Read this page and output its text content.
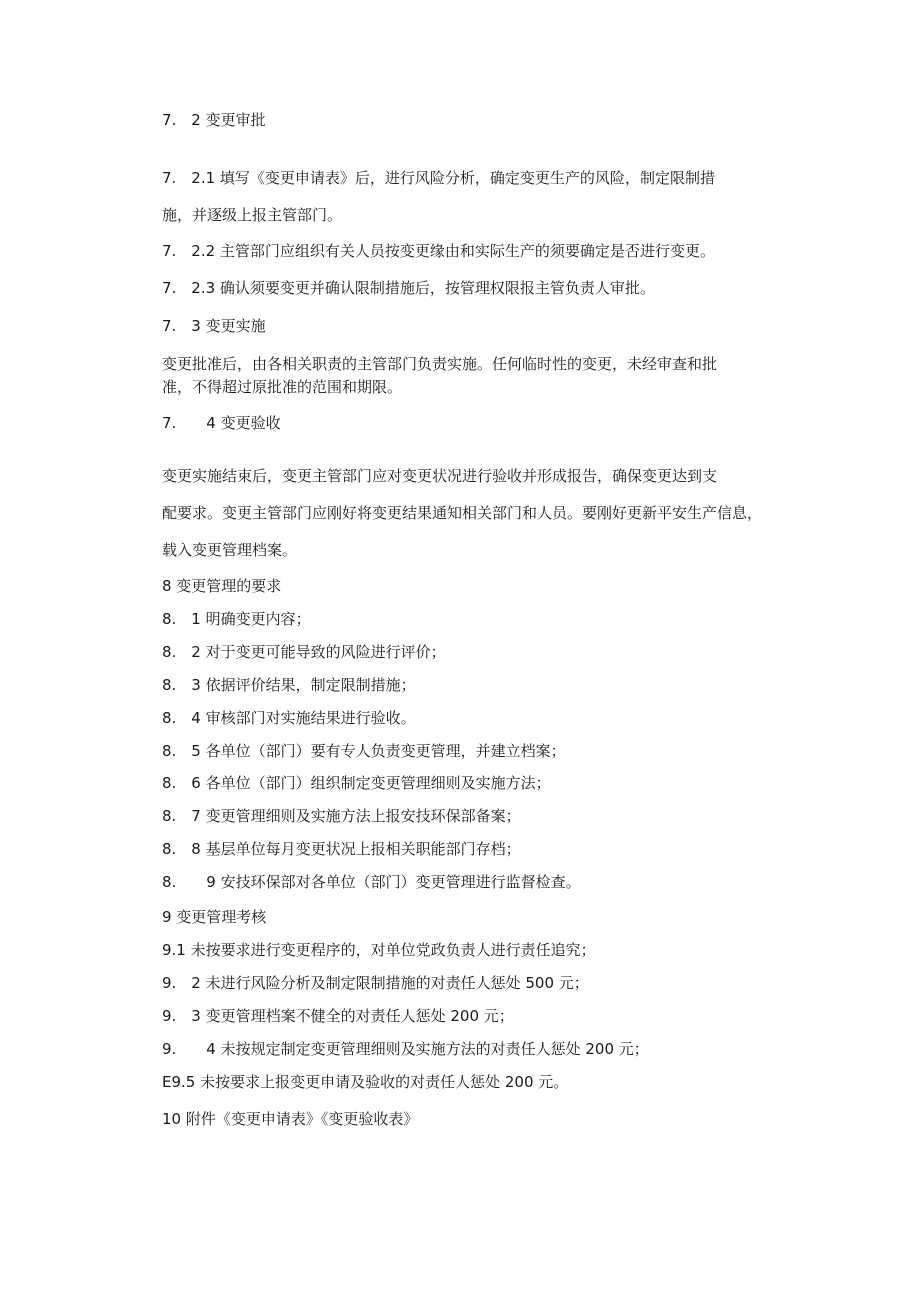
7.　2 变更审批
7.　2.1 填写《变更申请表》后，进行风险分析，确定变更生产的风险，制定限制措
施，并逐级上报主管部门。
7.　2.2 主管部门应组织有关人员按变更缘由和实际生产的须要确定是否进行变更。
7.　2.3 确认须要变更并确认限制措施后，按管理权限报主管负责人审批。
7.　3 变更实施
变更批准后，由各相关职责的主管部门负责实施。任何临时性的变更，未经审查和批
准，不得超过原批准的范围和期限。
7.　　4 变更验收
变更实施结束后，变更主管部门应对变更状况进行验收并形成报告，确保变更达到支
配要求。变更主管部门应刚好将变更结果通知相关部门和人员。要刚好更新平安生产信息，
载入变更管理档案。
8 变更管理的要求
8.　1 明确变更内容；
8.　2 对于变更可能导致的风险进行评价；
8.　3 依据评价结果，制定限制措施；
8.　4 审核部门对实施结果进行验收。
8.　5 各单位（部门）要有专人负责变更管理，并建立档案；
8.　6 各单位（部门）组织制定变更管理细则及实施方法；
8.　7 变更管理细则及实施方法上报安技环保部备案；
8.　8 基层单位每月变更状况上报相关职能部门存档；
8.　　9 安技环保部对各单位（部门）变更管理进行监督检查。
9 变更管理考核
9.1 未按要求进行变更程序的，对单位党政负责人进行责任追究；
9.　2 未进行风险分析及制定限制措施的对责任人惩处 500 元；
9.　3 变更管理档案不健全的对责任人惩处 200 元；
9.　　4 未按规定制定变更管理细则及实施方法的对责任人惩处 200 元；
E9.5 未按要求上报变更申请及验收的对责任人惩处 200 元。
10 附件《变更申请表》《变更验收表》
